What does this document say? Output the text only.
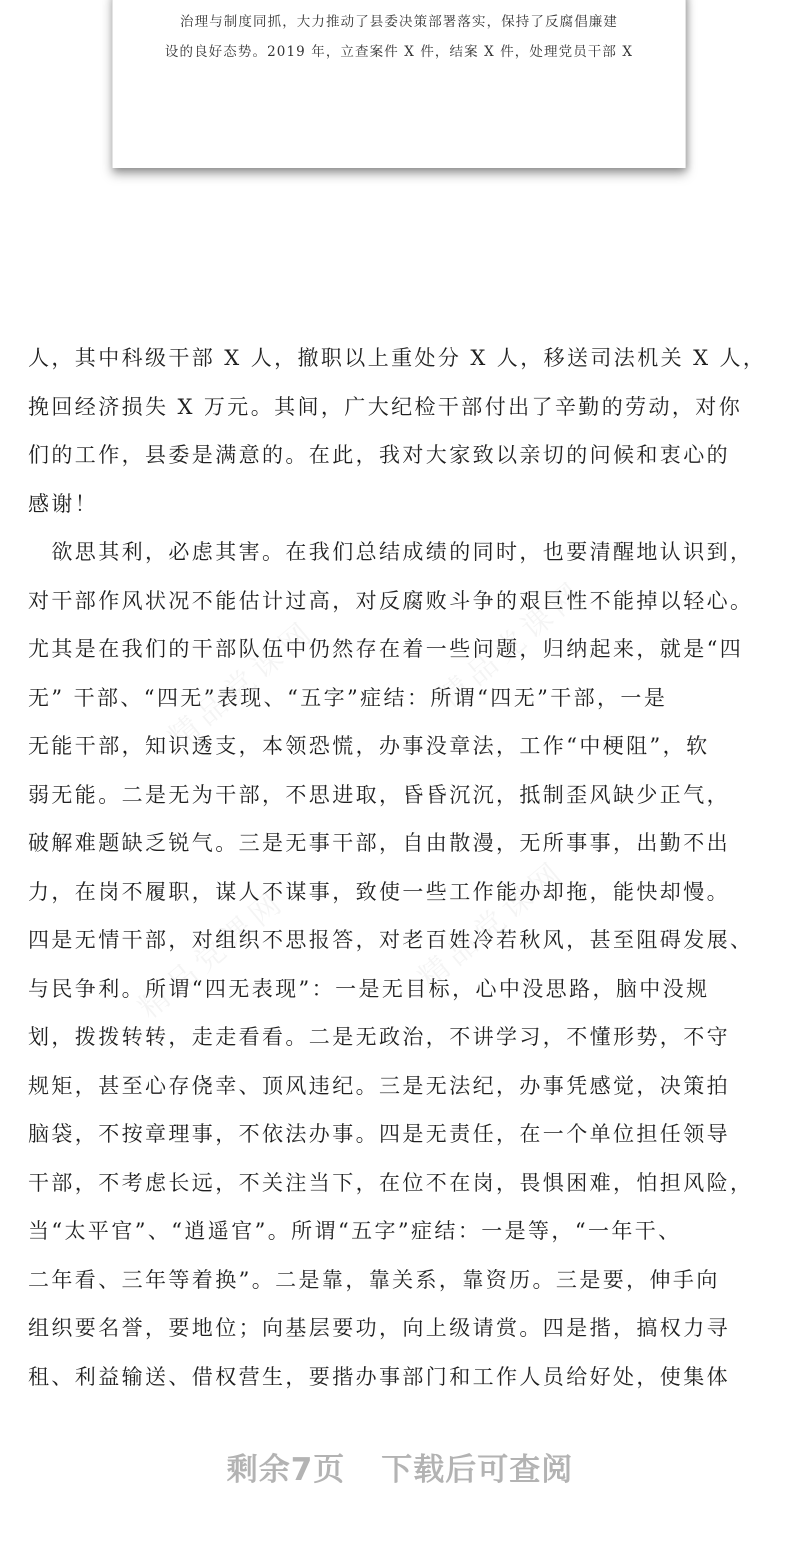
治理与制度同抓，大力推动了县委决策部署落实，保持了反腐倡廉建
设的良好态势。2019 年，立查案件 X 件，结案 X 件，处理党员干部 X
人，其中科级干部 X 人，撤职以上重处分 X 人，移送司法机关 X 人，
挽回经济损失 X 万元。其间，广大纪检干部付出了辛勤的劳动，对你
们的工作，县委是满意的。在此，我对大家致以亲切的问候和衷心的
感谢！
　欲思其利，必虑其害。在我们总结成绩的同时，也要清醒地认识到，
对干部作风状况不能估计过高，对反腐败斗争的艰巨性不能掉以轻心。
尤其是在我们的干部队伍中仍然存在着一些问题，归纳起来，就是“四
无” 干部、“四无”表现、“五字”症结：所谓“四无”干部，一是
无能干部，知识透支，本领恐慌，办事没章法，工作“中梗阻”，软
弱无能。二是无为干部，不思进取，昏昏沉沉，抵制歪风缺少正气，
破解难题缺乏锐气。三是无事干部，自由散漫，无所事事，出勤不出
力，在岗不履职，谋人不谋事，致使一些工作能办却拖，能快却慢。
四是无情干部，对组织不思报答，对老百姓冷若秋风，甚至阻碍发展、
与民争利。所谓“四无表现”：一是无目标，心中没思路，脑中没规
划，拨拨转转，走走看看。二是无政治，不讲学习，不懂形势，不守
规矩，甚至心存侥幸、顶风违纪。三是无法纪，办事凭感觉，决策拍
脑袋，不按章理事，不依法办事。四是无责任，在一个单位担任领导
干部，不考虑长远，不关注当下，在位不在岗，畏惧困难，怕担风险，
当“太平官”、“逍遥官”。所谓“五字”症结：一是等，“一年干、
二年看、三年等着换”。二是靠，靠关系，靠资历。三是要，伸手向
组织要名誉，要地位；向基层要功，向上级请赏。四是揩，搞权力寻
租、利益输送、借权营生，要揩办事部门和工作人员给好处，使集体
剩余7页 下载后可查阅
